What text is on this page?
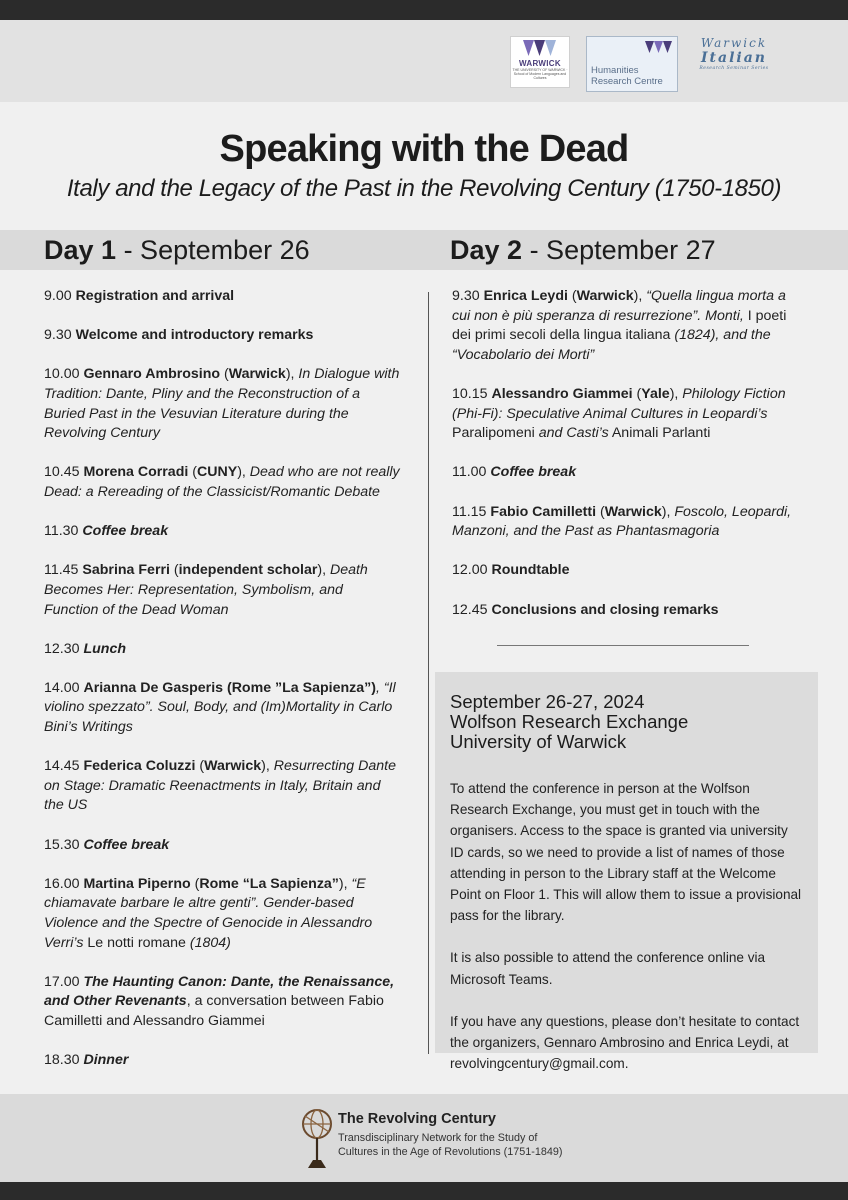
WARWICK
THE UNIVERSITY OF WARWICK · School of Modern Languages and Cultures
Humanities Research Centre
Warwick
Italian
Research Seminar Series
Speaking with the Dead
Italy and the Legacy of the Past in the Revolving Century (1750-1850)
Day 1 - September 26	Day 2 - September 27
9.00 Registration and arrival
9.30 Welcome and introductory remarks
10.00 Gennaro Ambrosino (Warwick), In Dialogue with Tradition: Dante, Pliny and the Reconstruction of a Buried Past in the Vesuvian Literature during the Revolving Century
10.45 Morena Corradi (CUNY), Dead who are not really Dead: a Rereading of the Classicist/Romantic Debate
11.30 Coffee break
11.45 Sabrina Ferri (independent scholar), Death Becomes Her: Representation, Symbolism, and Function of the Dead Woman
12.30 Lunch
14.00 Arianna De Gasperis (Rome ”La Sapienza”), “Il violino spezzato”. Soul, Body, and (Im)Mortality in Carlo Bini’s Writings
14.45 Federica Coluzzi (Warwick), Resurrecting Dante on Stage: Dramatic Reenactments in Italy, Britain and the US
15.30 Coffee break
16.00 Martina Piperno (Rome “La Sapienza”), “E chiamavate barbare le altre genti”. Gender-based Violence and the Spectre of Genocide in Alessandro Verri’s Le notti romane (1804)
17.00 The Haunting Canon: Dante, the Renaissance, and Other Revenants, a conversation between Fabio Camilletti and Alessandro Giammei
18.30 Dinner
9.30 Enrica Leydi (Warwick), “Quella lingua morta a cui non è più speranza di resurrezione”. Monti, I poeti dei primi secoli della lingua italiana (1824), and the “Vocabolario dei Morti”
10.15 Alessandro Giammei (Yale), Philology Fiction (Phi-Fi): Speculative Animal Cultures in Leopardi’s Paralipomeni and Casti’s Animali Parlanti
11.00 Coffee break
11.15 Fabio Camilletti (Warwick), Foscolo, Leopardi, Manzoni, and the Past as Phantasmagoria
12.00 Roundtable
12.45 Conclusions and closing remarks
September 26-27, 2024
Wolfson Research Exchange
University of Warwick

To attend the conference in person at the Wolfson Research Exchange, you must get in touch with the organisers. Access to the space is granted via university ID cards, so we need to provide a list of names of those attending in person to the Library staff at the Welcome Point on Floor 1. This will allow them to issue a provisional pass for the library.

It is also possible to attend the conference online via Microsoft Teams.

If you have any questions, please don’t hesitate to contact the organizers, Gennaro Ambrosino and Enrica Leydi, at revolvingcentury@gmail.com.

The Revolving Century
Transdisciplinary Network for the Study of Cultures in the Age of Revolutions (1751-1849)
